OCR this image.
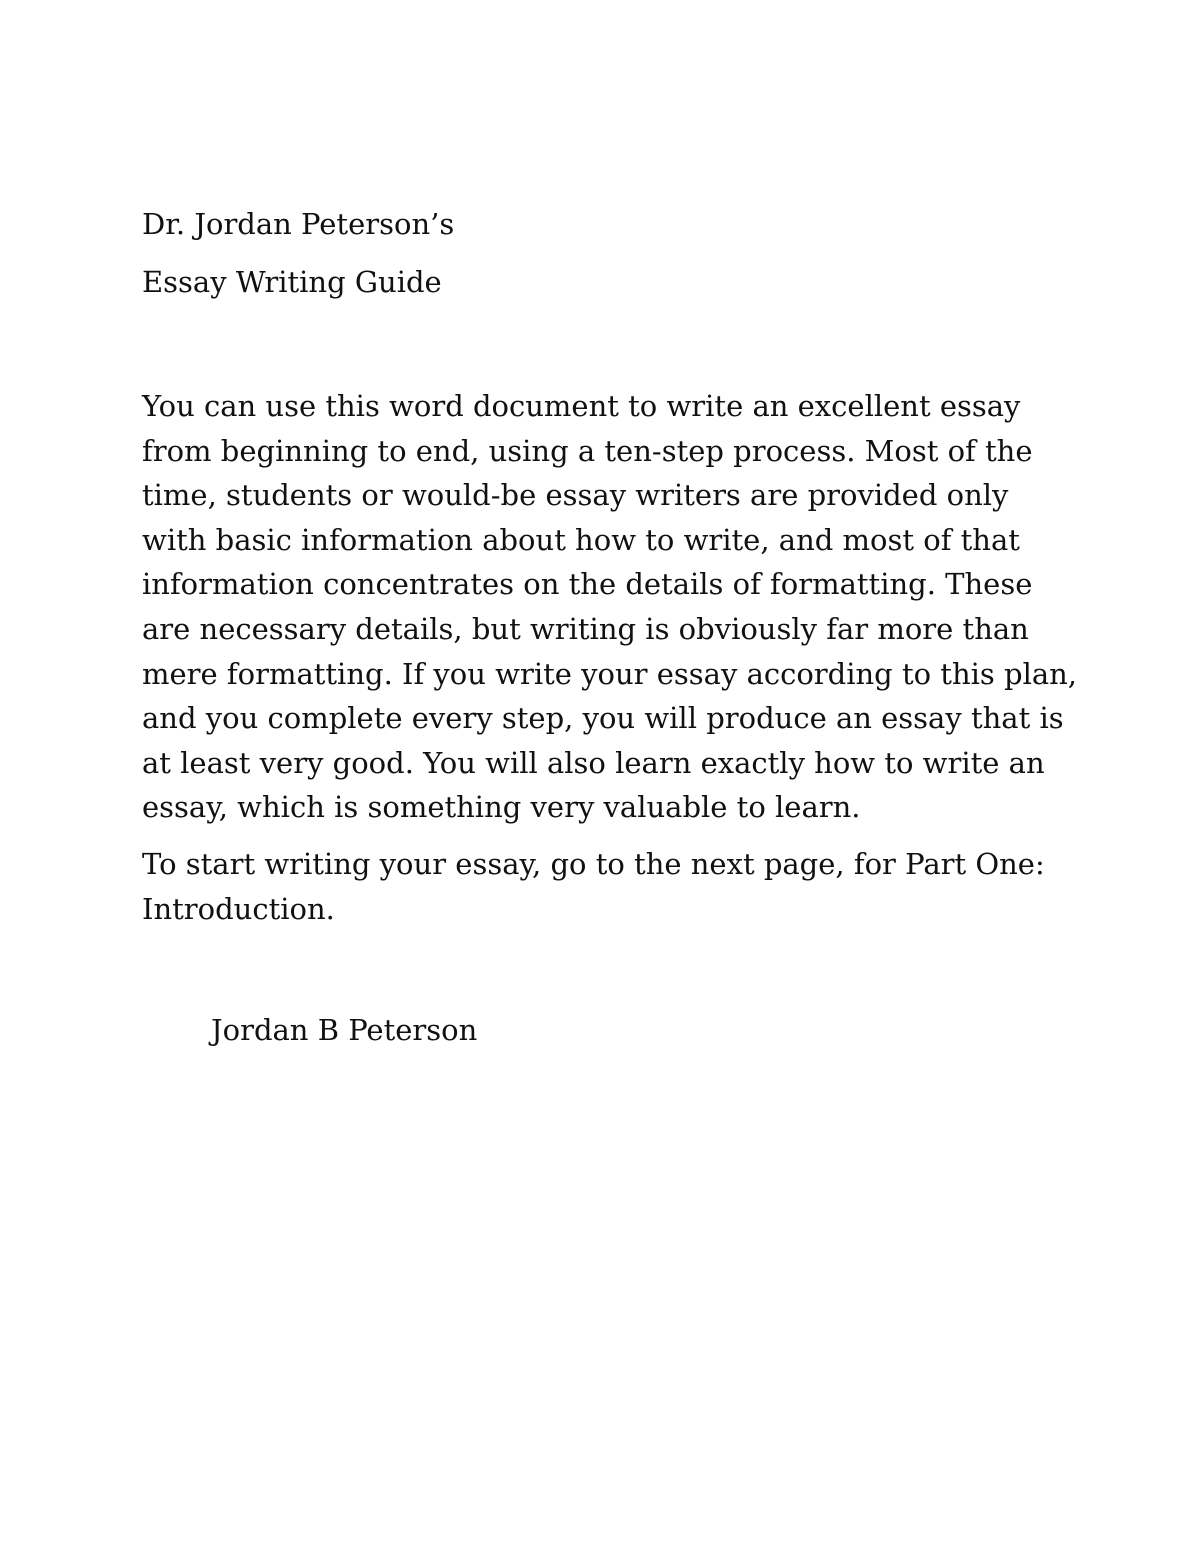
Dr. Jordan Peterson’s
Essay Writing Guide

You can use this word document to write an excellent essay from beginning to end, using a ten-step process. Most of the time, students or would-be essay writers are provided only with basic information about how to write, and most of that information concentrates on the details of formatting. These are necessary details, but writing is obviously far more than mere formatting. If you write your essay according to this plan, and you complete every step, you will produce an essay that is at least very good. You will also learn exactly how to write an essay, which is something very valuable to learn.

To start writing your essay, go to the next page, for Part One: Introduction.

Jordan B Peterson
